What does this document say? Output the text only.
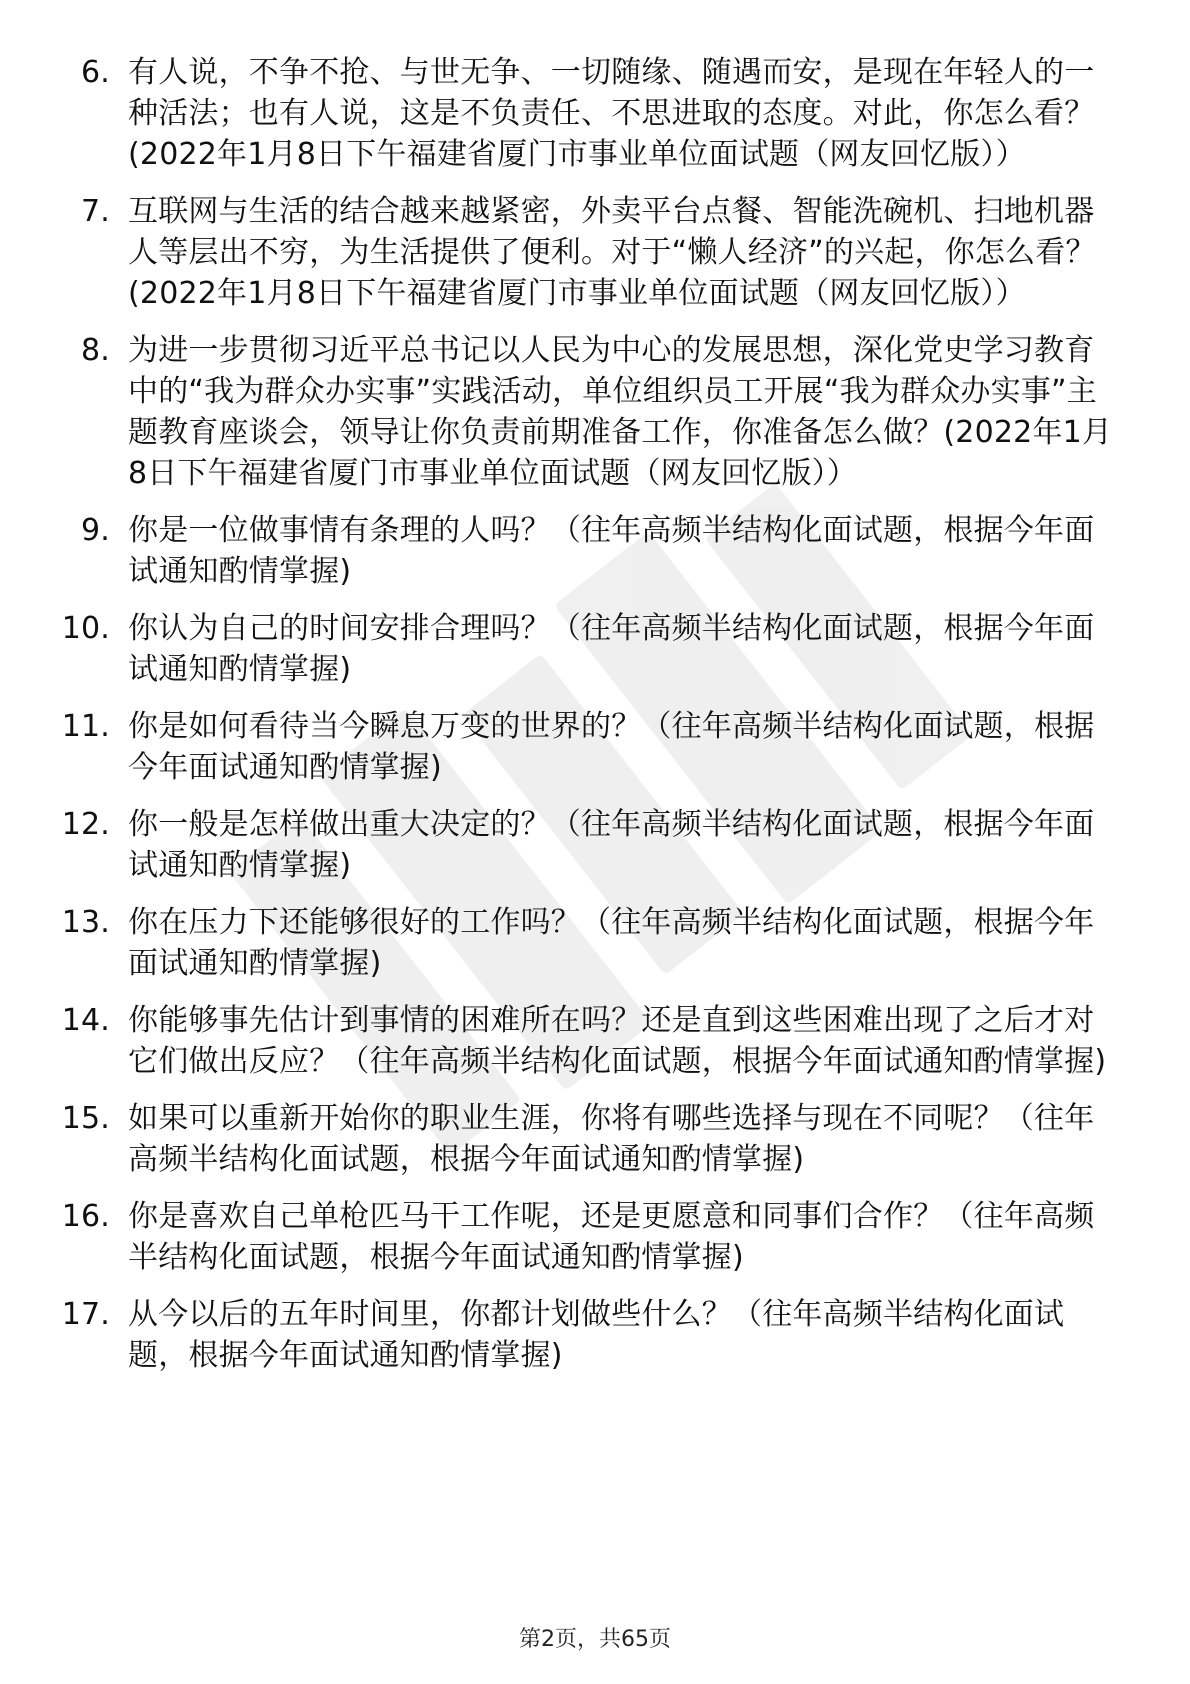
6. 有人说，不争不抢、与世无争、一切随缘、随遇而安，是现在年轻人的一种活法；也有人说，这是不负责任、不思进取的态度。对此，你怎么看？(2022年1月8日下午福建省厦门市事业单位面试题（网友回忆版））
7. 互联网与生活的结合越来越紧密，外卖平台点餐、智能洗碗机、扫地机器人等层出不穷，为生活提供了便利。对于“懒人经济”的兴起，你怎么看？(2022年1月8日下午福建省厦门市事业单位面试题（网友回忆版））
8. 为进一步贯彻习近平总书记以人民为中心的发展思想，深化党史学习教育中的“我为群众办实事”实践活动，单位组织员工开展“我为群众办实事”主题教育座谈会，领导让你负责前期准备工作，你准备怎么做？(2022年1月8日下午福建省厦门市事业单位面试题（网友回忆版））
9. 你是一位做事情有条理的人吗？（往年高频半结构化面试题，根据今年面试通知酌情掌握)
10. 你认为自己的时间安排合理吗？（往年高频半结构化面试题，根据今年面试通知酌情掌握)
11. 你是如何看待当今瞬息万变的世界的？（往年高频半结构化面试题，根据今年面试通知酌情掌握)
12. 你一般是怎样做出重大决定的？（往年高频半结构化面试题，根据今年面试通知酌情掌握)
13. 你在压力下还能够很好的工作吗？（往年高频半结构化面试题，根据今年面试通知酌情掌握)
14. 你能够事先估计到事情的困难所在吗？还是直到这些困难出现了之后才对它们做出反应？（往年高频半结构化面试题，根据今年面试通知酌情掌握)
15. 如果可以重新开始你的职业生涯，你将有哪些选择与现在不同呢？（往年高频半结构化面试题，根据今年面试通知酌情掌握)
16. 你是喜欢自己单枪匹马干工作呢，还是更愿意和同事们合作？（往年高频半结构化面试题，根据今年面试通知酌情掌握)
17. 从今以后的五年时间里，你都计划做些什么？（往年高频半结构化面试题，根据今年面试通知酌情掌握)
第2页，共65页
